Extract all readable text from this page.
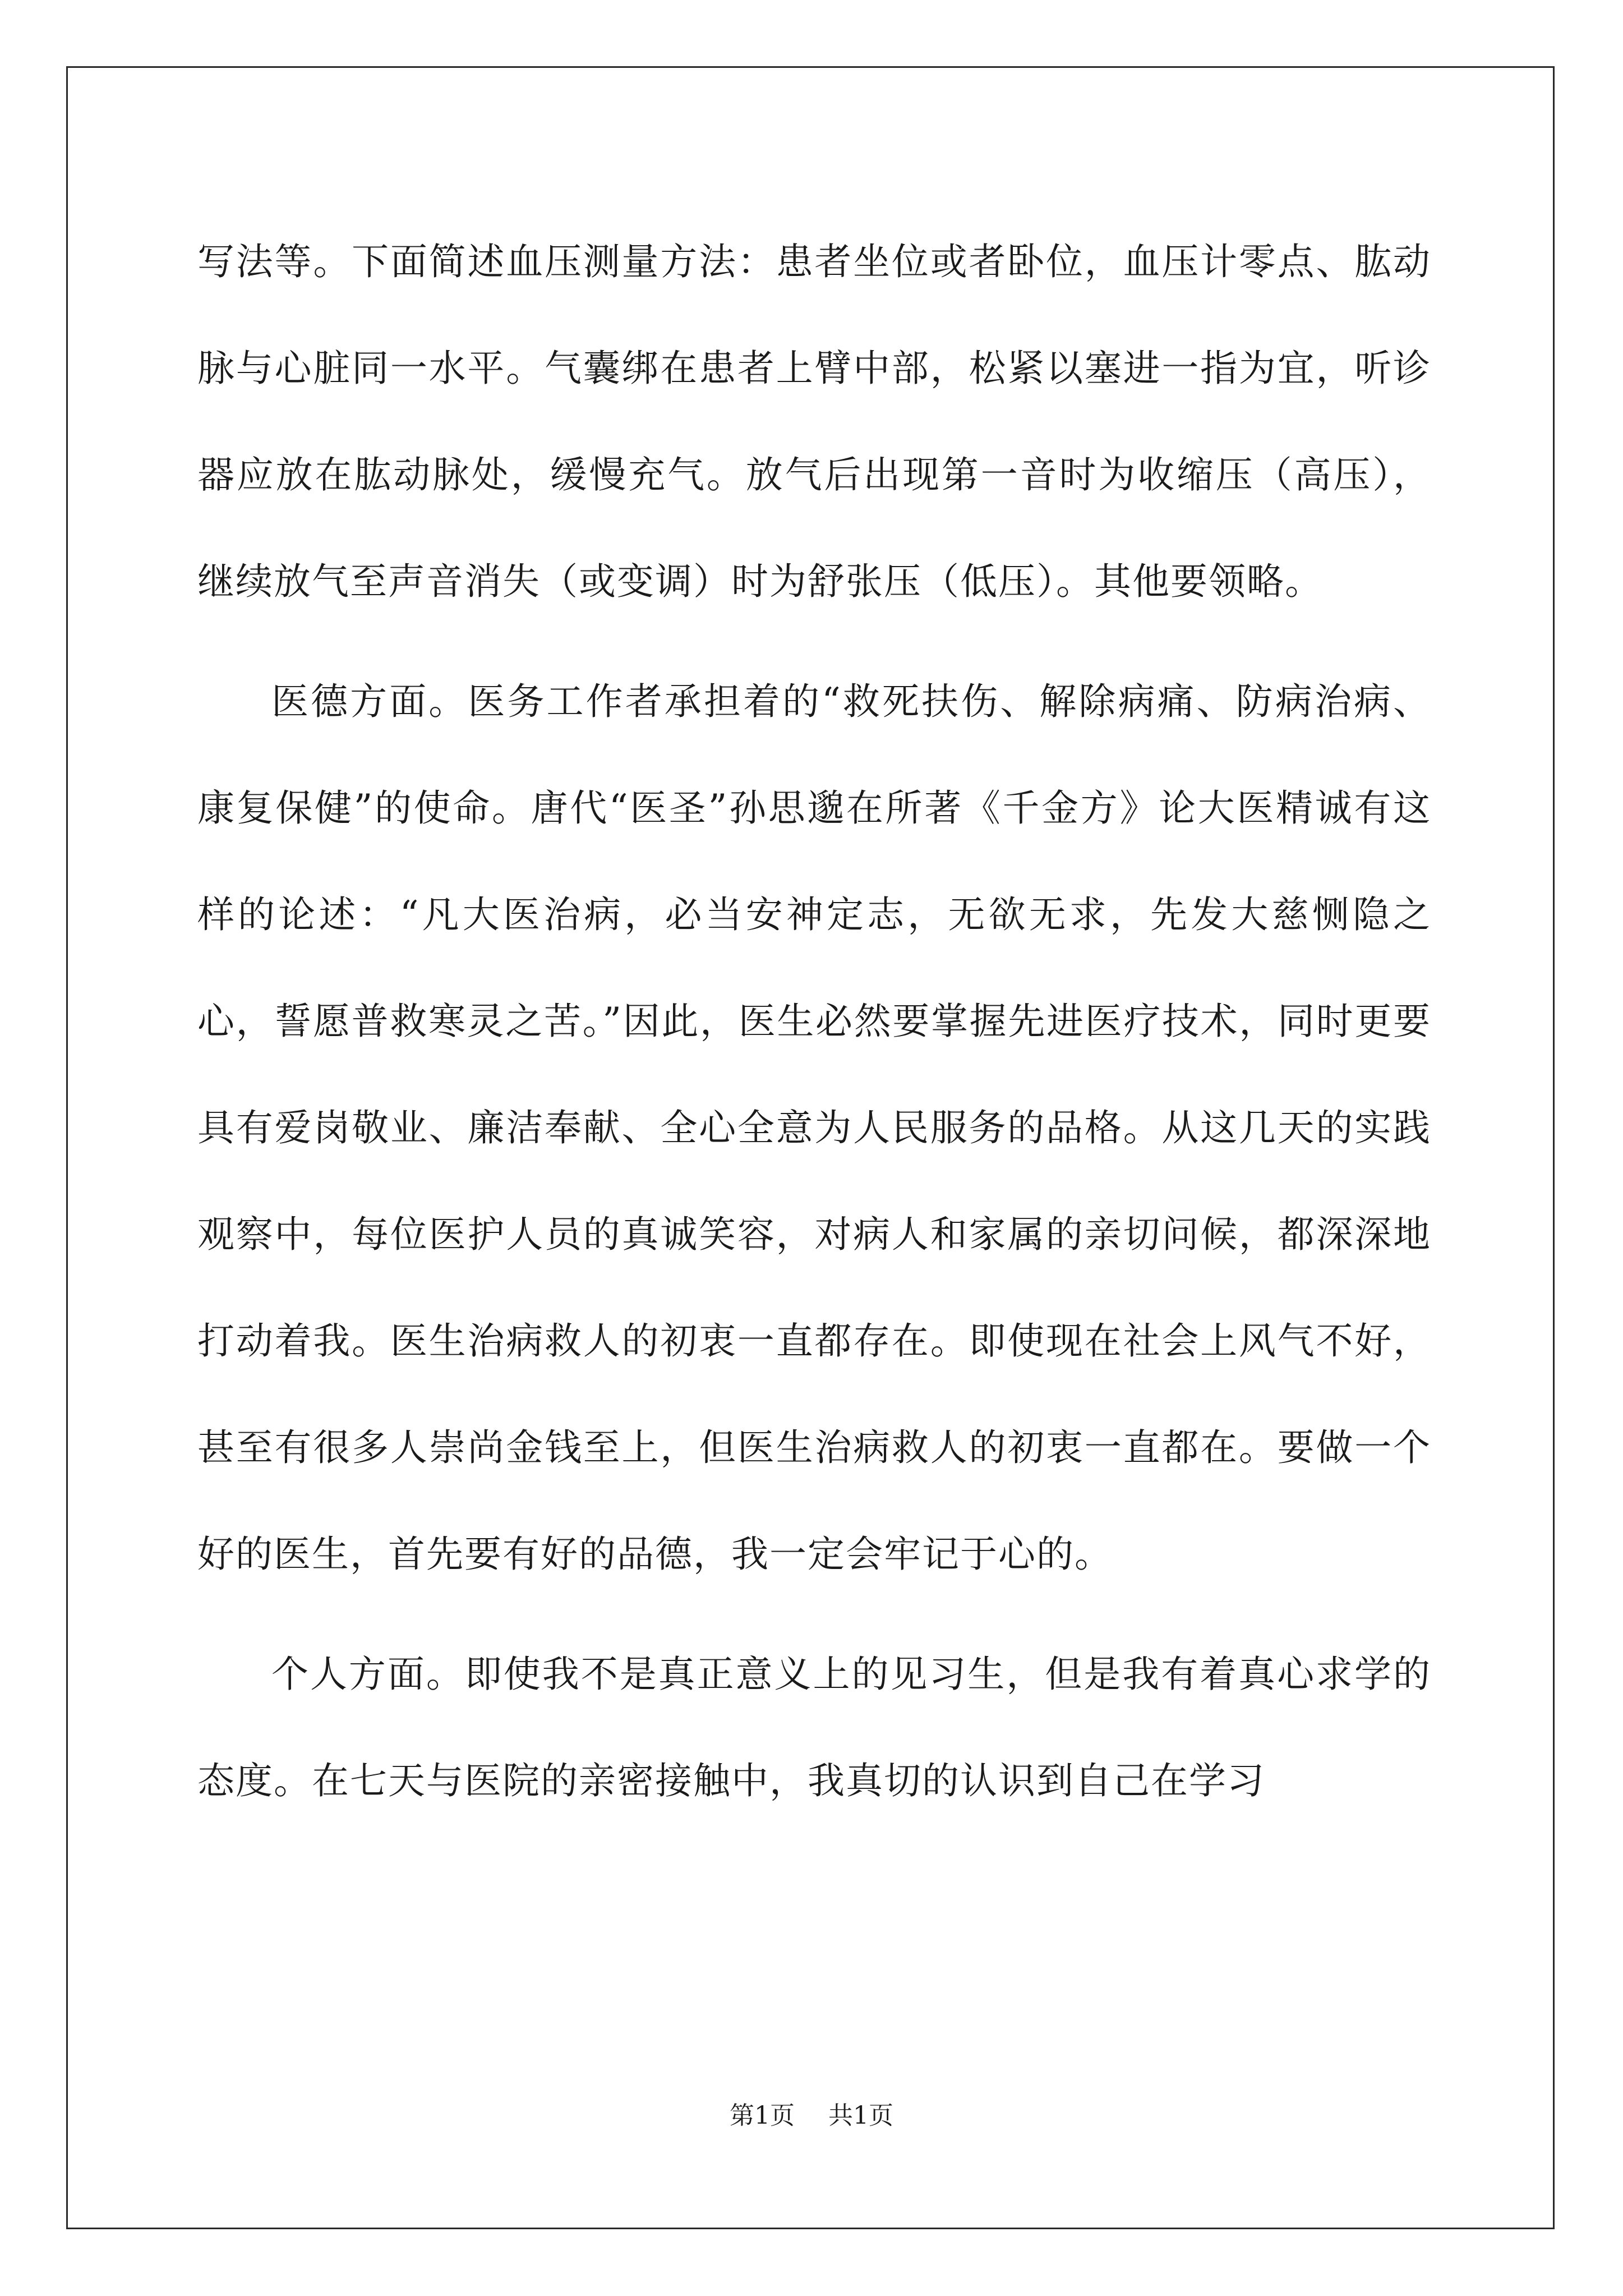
写法等。下面简述血压测量方法：患者坐位或者卧位，血压计零点、肱动脉与心脏同一水平。气囊绑在患者上臂中部，松紧以塞进一指为宜，听诊器应放在肱动脉处，缓慢充气。放气后出现第一音时为收缩压（高压），继续放气至声音消失（或变调）时为舒张压（低压）。其他要领略。

医德方面。医务工作者承担着的“救死扶伤、解除病痛、防病治病、康复保健”的使命。唐代“医圣”孙思邈在所著《千金方》论大医精诚有这样的论述：“凡大医治病，必当安神定志，无欲无求，先发大慈恻隐之心，誓愿普救寒灵之苦。”因此，医生必然要掌握先进医疗技术，同时更要具有爱岗敬业、廉洁奉献、全心全意为人民服务的品格。从这几天的实践观察中，每位医护人员的真诚笑容，对病人和家属的亲切问候，都深深地打动着我。医生治病救人的初衷一直都存在。即使现在社会上风气不好，甚至有很多人崇尚金钱至上，但医生治病救人的初衷一直都在。要做一个好的医生，首先要有好的品德，我一定会牢记于心的。

个人方面。即使我不是真正意义上的见习生，但是我有着真心求学的态度。在七天与医院的亲密接触中，我真切的认识到自己在学习

第1页 共1页
